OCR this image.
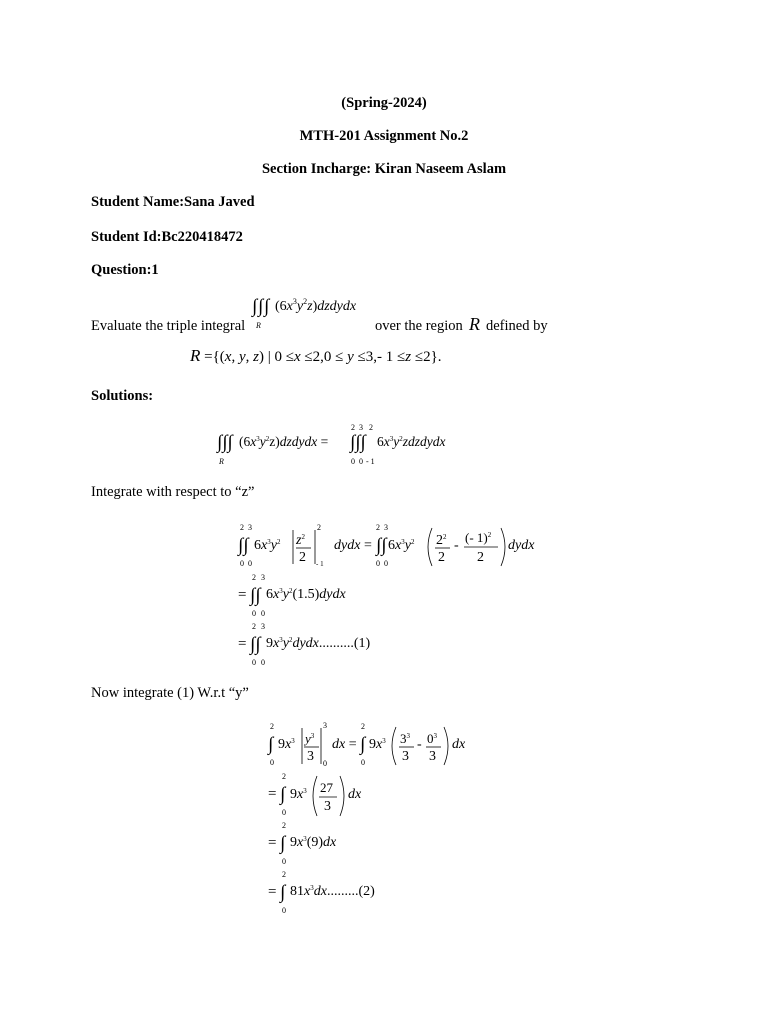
(Spring-2024)
MTH-201 Assignment No.2
Section Incharge: Kiran Naseem Aslam
Student Name:Sana Javed
Student Id:Bc220418472
Question:1
Evaluate the triple integral	over the region R defined by
∫ ∫ ∫
R
$(6x^3y^2z)dzdydx$
R ={(x, y, z) | 0 ≤x ≤2,0 ≤ y ≤3,- 1 ≤z ≤2}.
Solutions:
∫∫∫
R
$(6x^3y^2z)dzdydx$ = ∫∫∫
2 3 2
0 0 - 1
$6x^3y^2zdzdydx$
Integrate with respect to “z”
∫∫
2 3
0 0
$6x^3y^2$ $z^2$
2
2
- 1
dydx = ∫∫
2 3
0 0
$6x^3y^2$ $2^2$
2
-
(- 1)$^2$
2
dydx
= ∫∫
2 3
0 0
$6x^3y^2(1.5)dydx$
= ∫∫
2 3
0 0
$9x^3y^2dydx..........(1)$
Now integrate (1) W.r.t “y”
∫
2
0
$9x^3$ $y^3$
3
3
0
dx = ∫
2
0
$9x^3$ $3^3$
3
- $0^3$
3
dx
= ∫
2
0
$9x^3$ 27
3
dx
= ∫
2
0
$9x^3(9)dx$
= ∫
2
0
$81x^3dx.........(2)$
